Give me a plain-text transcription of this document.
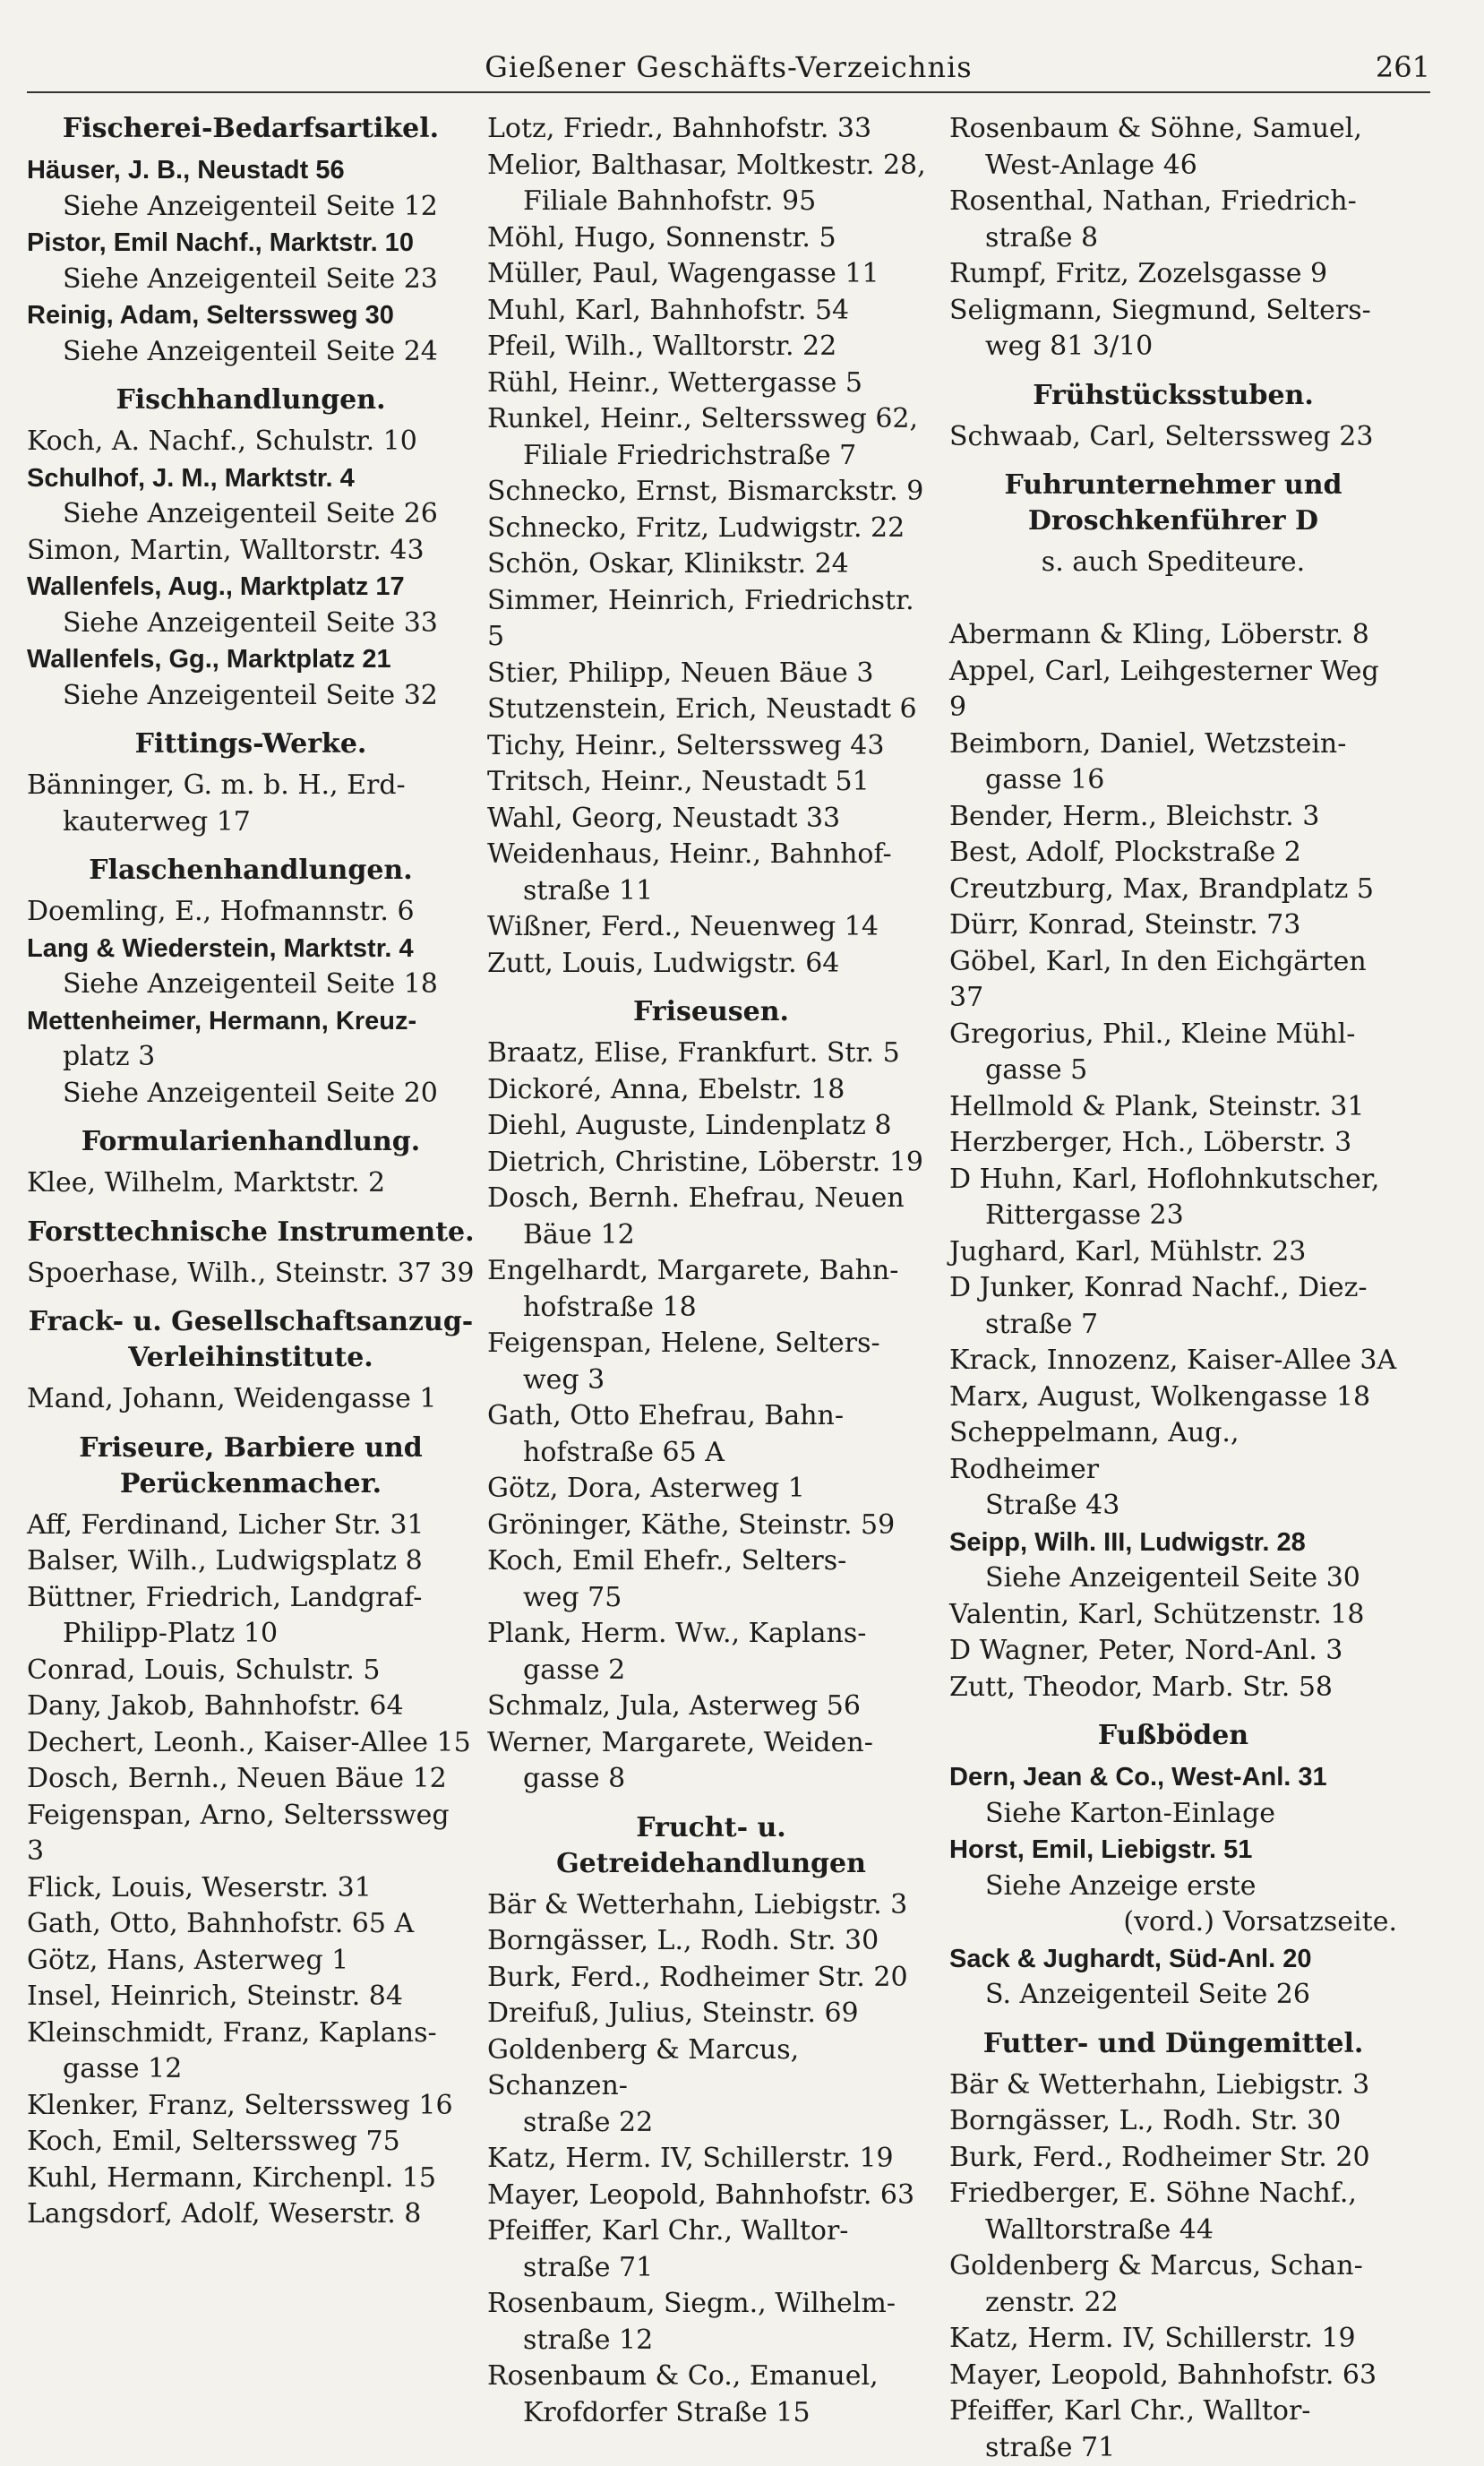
Gießener Geschäfts-Verzeichnis	261
Fischerei-Bedarfsartikel.
Häuser, J. B., Neustadt 56
Siehe Anzeigenteil Seite 12
Pistor, Emil Nachf., Marktstr. 10
Siehe Anzeigenteil Seite 23
Reinig, Adam, Selterssweg 30
Siehe Anzeigenteil Seite 24
Fischhandlungen.
Koch, A. Nachf., Schulstr. 10
Schulhof, J. M., Marktstr. 4
Siehe Anzeigenteil Seite 26
Simon, Martin, Walltorstr. 43
Wallenfels, Aug., Marktplatz 17
Siehe Anzeigenteil Seite 33
Wallenfels, Gg., Marktplatz 21
Siehe Anzeigenteil Seite 32
Fittings-Werke.
Bänninger, G. m. b. H., Erd-
kauterweg 17
Flaschenhandlungen.
Doemling, E., Hofmannstr. 6
Lang & Wiederstein, Marktstr. 4
Siehe Anzeigenteil Seite 18
Mettenheimer, Hermann, Kreuz-
platz 3
Siehe Anzeigenteil Seite 20
Formularienhandlung.
Klee, Wilhelm, Marktstr. 2
Forsttechnische Instrumente.
Spoerhase, Wilh., Steinstr. 37 39
Frack- u. Gesellschaftsanzug-Verleihinstitute.
Mand, Johann, Weidengasse 1
Friseure, Barbiere und Perückenmacher.
Aff, Ferdinand, Licher Str. 31
Balser, Wilh., Ludwigsplatz 8
Büttner, Friedrich, Landgraf-
Philipp-Platz 10
Conrad, Louis, Schulstr. 5
Dany, Jakob, Bahnhofstr. 64
Dechert, Leonh., Kaiser-Allee 15
Dosch, Bernh., Neuen Bäue 12
Feigenspan, Arno, Selterssweg 3
Flick, Louis, Weserstr. 31
Gath, Otto, Bahnhofstr. 65 A
Götz, Hans, Asterweg 1
Insel, Heinrich, Steinstr. 84
Kleinschmidt, Franz, Kaplans-
gasse 12
Klenker, Franz, Selterssweg 16
Koch, Emil, Selterssweg 75
Kuhl, Hermann, Kirchenpl. 15
Langsdorf, Adolf, Weserstr. 8
Lotz, Friedr., Bahnhofstr. 33
Melior, Balthasar, Moltkestr. 28,
Filiale Bahnhofstr. 95
Möhl, Hugo, Sonnenstr. 5
Müller, Paul, Wagengasse 11
Muhl, Karl, Bahnhofstr. 54
Pfeil, Wilh., Walltorstr. 22
Rühl, Heinr., Wettergasse 5
Runkel, Heinr., Selterssweg 62,
Filiale Friedrichstraße 7
Schnecko, Ernst, Bismarckstr. 9
Schnecko, Fritz, Ludwigstr. 22
Schön, Oskar, Klinikstr. 24
Simmer, Heinrich, Friedrichstr. 5
Stier, Philipp, Neuen Bäue 3
Stutzenstein, Erich, Neustadt 6
Tichy, Heinr., Selterssweg 43
Tritsch, Heinr., Neustadt 51
Wahl, Georg, Neustadt 33
Weidenhaus, Heinr., Bahnhof-
straße 11
Wißner, Ferd., Neuenweg 14
Zutt, Louis, Ludwigstr. 64
Friseusen.
Braatz, Elise, Frankfurt. Str. 5
Dickoré, Anna, Ebelstr. 18
Diehl, Auguste, Lindenplatz 8
Dietrich, Christine, Löberstr. 19
Dosch, Bernh. Ehefrau, Neuen
Bäue 12
Engelhardt, Margarete, Bahn-
hofstraße 18
Feigenspan, Helene, Selters-
weg 3
Gath, Otto Ehefrau, Bahn-
hofstraße 65 A
Götz, Dora, Asterweg 1
Gröninger, Käthe, Steinstr. 59
Koch, Emil Ehefr., Selters-
weg 75
Plank, Herm. Ww., Kaplans-
gasse 2
Schmalz, Jula, Asterweg 56
Werner, Margarete, Weiden-
gasse 8
Frucht- u. Getreidehandlungen
Bär & Wetterhahn, Liebigstr. 3
Borngässer, L., Rodh. Str. 30
Burk, Ferd., Rodheimer Str. 20
Dreifuß, Julius, Steinstr. 69
Goldenberg & Marcus, Schanzen-
straße 22
Katz, Herm. IV, Schillerstr. 19
Mayer, Leopold, Bahnhofstr. 63
Pfeiffer, Karl Chr., Walltor-
straße 71
Rosenbaum, Siegm., Wilhelm-
straße 12
Rosenbaum & Co., Emanuel,
Krofdorfer Straße 15
Rosenbaum & Söhne, Samuel,
West-Anlage 46
Rosenthal, Nathan, Friedrich-
straße 8
Rumpf, Fritz, Zozelsgasse 9
Seligmann, Siegmund, Selters-
weg 81 3/10
Frühstücksstuben.
Schwaab, Carl, Selterssweg 23
Fuhrunternehmer und Droschkenführer D
s. auch Spediteure.

Abermann & Kling, Löberstr. 8
Appel, Carl, Leihgesterner Weg 9
Beimborn, Daniel, Wetzstein-
gasse 16
Bender, Herm., Bleichstr. 3
Best, Adolf, Plockstraße 2
Creutzburg, Max, Brandplatz 5
Dürr, Konrad, Steinstr. 73
Göbel, Karl, In den Eichgärten 37
Gregorius, Phil., Kleine Mühl-
gasse 5
Hellmold & Plank, Steinstr. 31
Herzberger, Hch., Löberstr. 3
D Huhn, Karl, Hoflohnkutscher,
Rittergasse 23
Jughard, Karl, Mühlstr. 23
D Junker, Konrad Nachf., Diez-
straße 7
Krack, Innozenz, Kaiser-Allee 3A
Marx, August, Wolkengasse 18
Scheppelmann, Aug., Rodheimer
Straße 43
Seipp, Wilh. III, Ludwigstr. 28
Siehe Anzeigenteil Seite 30
Valentin, Karl, Schützenstr. 18
D Wagner, Peter, Nord-Anl. 3
Zutt, Theodor, Marb. Str. 58
Fußböden
Dern, Jean & Co., West-Anl. 31
Siehe Karton-Einlage
Horst, Emil, Liebigstr. 51
Siehe Anzeige erste
(vord.) Vorsatzseite.
Sack & Jughardt, Süd-Anl. 20
S. Anzeigenteil Seite 26
Futter- und Düngemittel.
Bär & Wetterhahn, Liebigstr. 3
Borngässer, L., Rodh. Str. 30
Burk, Ferd., Rodheimer Str. 20
Friedberger, E. Söhne Nachf.,
Walltorstraße 44
Goldenberg & Marcus, Schan-
zenstr. 22
Katz, Herm. IV, Schillerstr. 19
Mayer, Leopold, Bahnhofstr. 63
Pfeiffer, Karl Chr., Walltor-
straße 71
